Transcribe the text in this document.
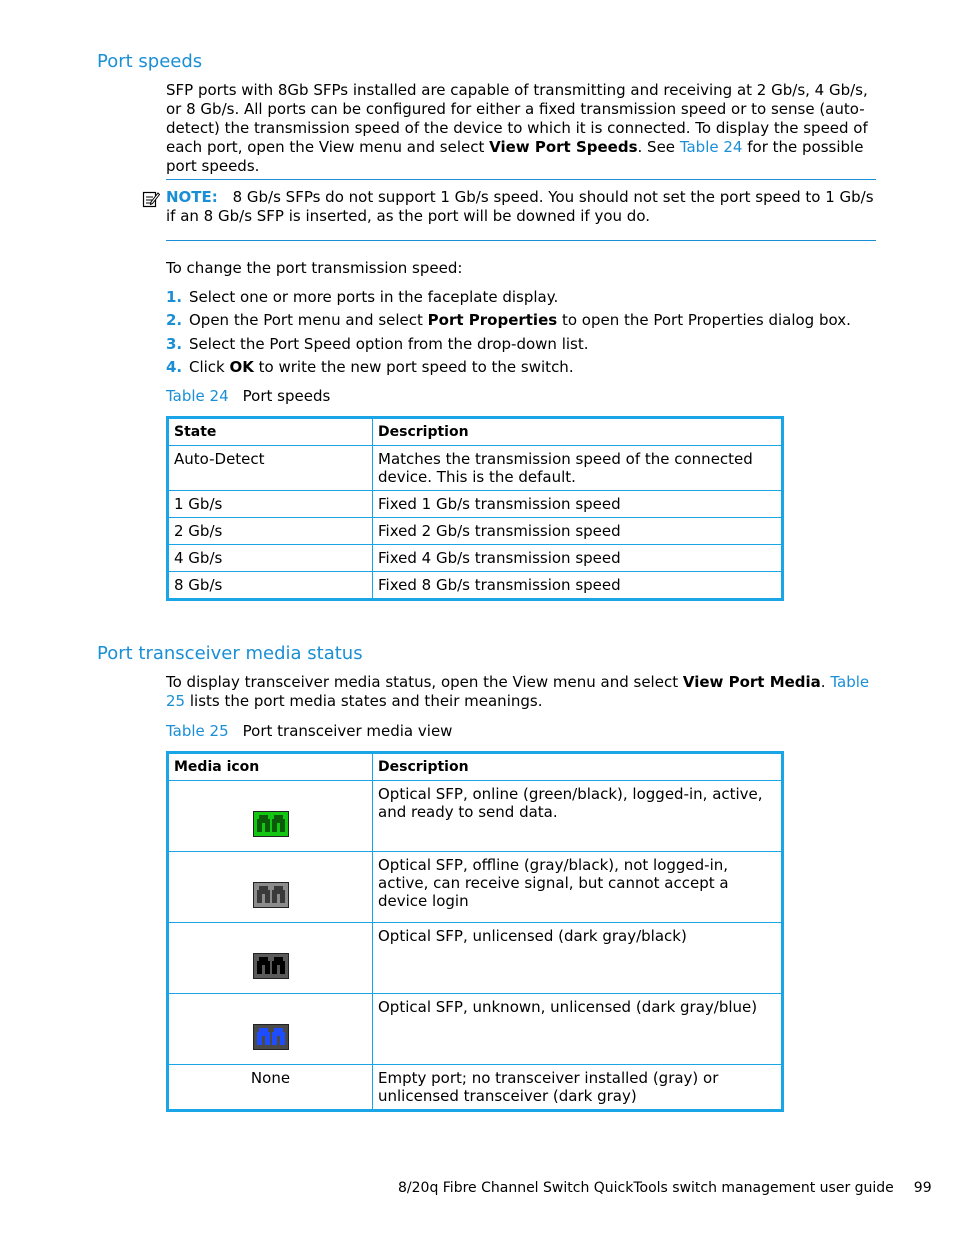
Port speeds
SFP ports with 8Gb SFPs installed are capable of transmitting and receiving at 2 Gb/s, 4 Gb/s, or 8 Gb/s. All ports can be configured for either a fixed transmission speed or to sense (auto-detect) the transmission speed of the device to which it is connected. To display the speed of each port, open the View menu and select View Port Speeds. See Table 24 for the possible port speeds.
NOTE: 8 Gb/s SFPs do not support 1 Gb/s speed. You should not set the port speed to 1 Gb/s if an 8 Gb/s SFP is inserted, as the port will be downed if you do.
To change the port transmission speed:
1. Select one or more ports in the faceplate display.
2. Open the Port menu and select Port Properties to open the Port Properties dialog box.
3. Select the Port Speed option from the drop-down list.
4. Click OK to write the new port speed to the switch.
Table 24 Port speeds
State	Description
Auto-Detect	Matches the transmission speed of the connected device. This is the default.
1 Gb/s	Fixed 1 Gb/s transmission speed
2 Gb/s	Fixed 2 Gb/s transmission speed
4 Gb/s	Fixed 4 Gb/s transmission speed
8 Gb/s	Fixed 8 Gb/s transmission speed
Port transceiver media status
To display transceiver media status, open the View menu and select View Port Media. Table 25 lists the port media states and their meanings.
Table 25 Port transceiver media view
Media icon	Description
	Optical SFP, online (green/black), logged-in, active, and ready to send data.
	Optical SFP, offline (gray/black), not logged-in, active, can receive signal, but cannot accept a device login
	Optical SFP, unlicensed (dark gray/black)
	Optical SFP, unknown, unlicensed (dark gray/blue)
None	Empty port; no transceiver installed (gray) or unlicensed transceiver (dark gray)
8/20q Fibre Channel Switch QuickTools switch management user guide 99
